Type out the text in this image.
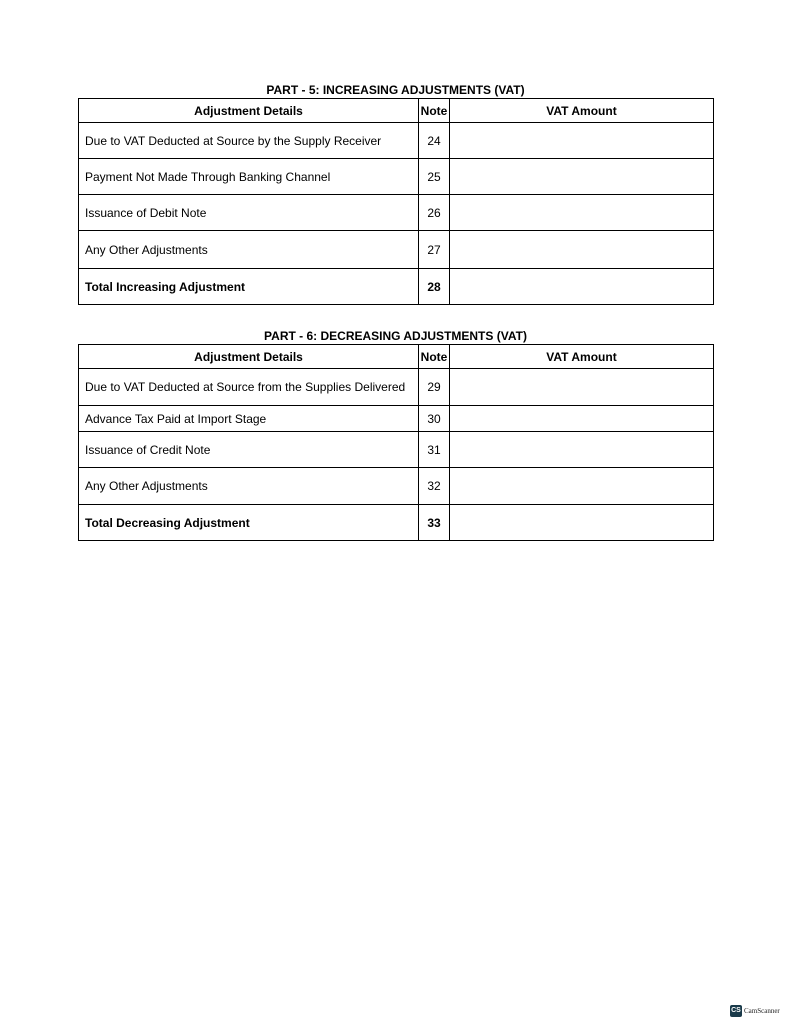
PART - 5: INCREASING ADJUSTMENTS (VAT)
Adjustment Details	Note	VAT Amount
Due to VAT Deducted at Source by the Supply Receiver	24	
Payment Not Made Through Banking Channel	25	
Issuance of Debit Note	26	
Any Other Adjustments	27	
Total Increasing Adjustment	28	
PART - 6: DECREASING ADJUSTMENTS (VAT)
Adjustment Details	Note	VAT Amount
Due to VAT Deducted at Source from the Supplies Delivered	29	
Advance Tax Paid at Import Stage	30	
Issuance of Credit Note	31	
Any Other Adjustments	32	
Total Decreasing Adjustment	33	
CS CamScanner
